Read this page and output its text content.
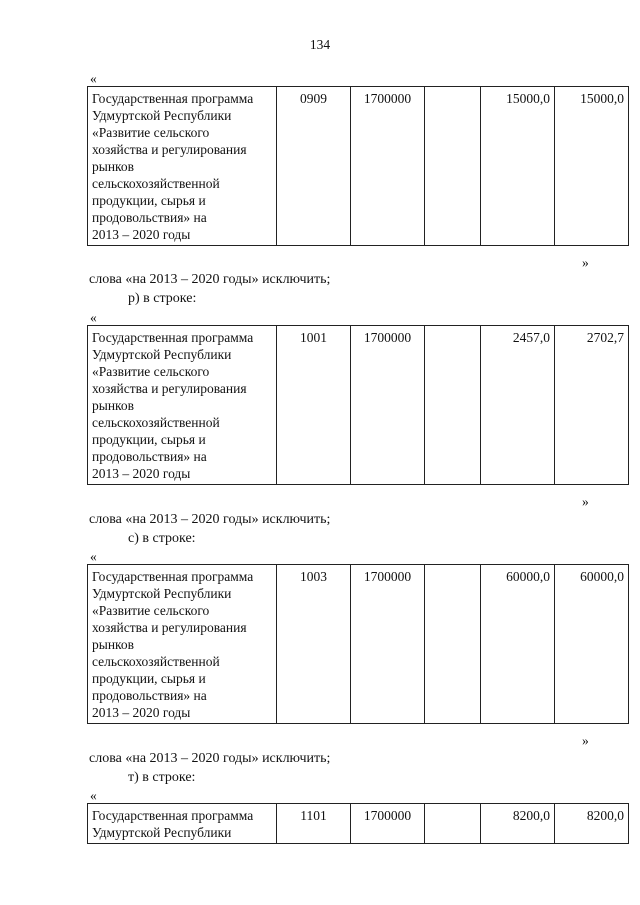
134
«
Государственная программа
Удмуртской Республики
«Развитие сельского
хозяйства и регулирования
рынков
сельскохозяйственной
продукции, сырья и
продовольствия» на
2013 – 2020 годы
	0909	1700000		15000,0	15000,0
»
слова «на 2013 – 2020 годы» исключить;
р) в строке:
«
Государственная программа
Удмуртской Республики
«Развитие сельского
хозяйства и регулирования
рынков
сельскохозяйственной
продукции, сырья и
продовольствия» на
2013 – 2020 годы
	1001	1700000		2457,0	2702,7
»
слова «на 2013 – 2020 годы» исключить;
с) в строке:
«
Государственная программа
Удмуртской Республики
«Развитие сельского
хозяйства и регулирования
рынков
сельскохозяйственной
продукции, сырья и
продовольствия» на
2013 – 2020 годы
	1003	1700000		60000,0	60000,0
»
слова «на 2013 – 2020 годы» исключить;
т) в строке:
«
Государственная программа
Удмуртской Республики
	1101	1700000		8200,0	8200,0
